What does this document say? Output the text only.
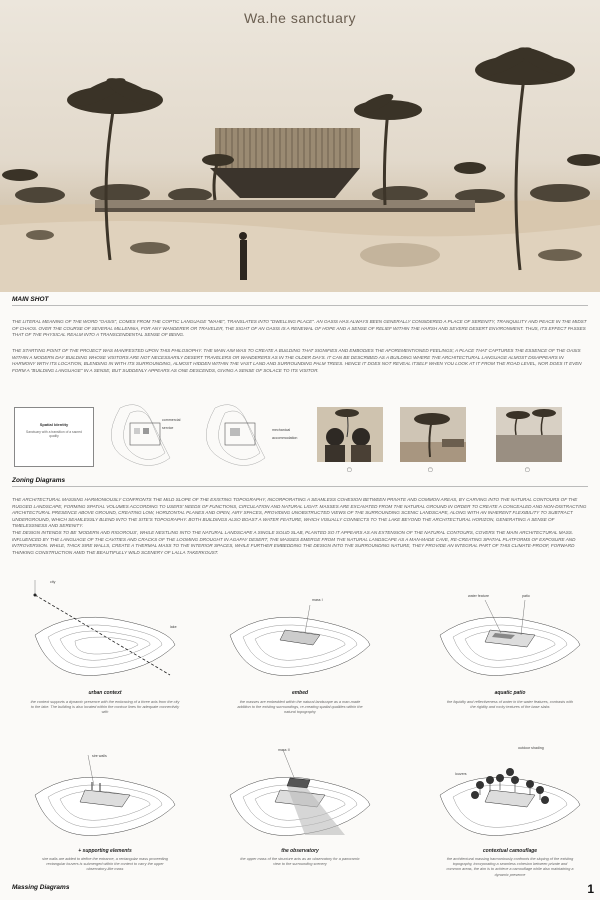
Wa.he sanctuary
MAIN SHOT
THE LITERAL MEANING OF THE WORD "OASIS", COMES FROM THE COPTIC LANGUAGE "WAHE", TRANSLATES INTO "DWELLING PLACE". AN OASIS HAS ALWAYS BEEN GENERALLY CONSIDERED A PLACE OF SERENITY, TRANQUILITY AND PEACE IN THE MIDST OF CHAOS. OVER THE COURSE OF SEVERAL MILLENNIA, FOR ANY WANDERER OR TRAVELER, THE SIGHT OF AN OASIS IS A RENEWAL OF HOPE AND A SENSE OF RELIEF WITHIN THE HARSH AND SEVERE DESERT ENVIRONMENT. THUS, ITS EFFECT PASSES THAT OF THE PHYSICAL REALM INTO A TRANSCENDENTAL SENSE OF BEING.
THE STARTING POINT OF THE PROJECT WAS MANIFESTED UPON THIS PHILOSOPHY. THE MAIN AIM WAS TO CREATE A BUILDING THAT SIGNIFIES AND EMBODIES THE AFOREMENTIONED FEELINGS; A PLACE THAT CAPTURES THE ESSENCE OF THE OASIS WITHIN A MODERN DAY BUILDING WHOSE VISITORS ARE NOT NECESSARILY DESERT TRAVELERS OR WANDERERS AS IN THE OLDER DAYS. IT CAN BE DESCRIBED AS A BUILDING WHERE THE ARCHITECTURAL LANGUAGE ALMOST DISAPPEARS IN HARMONY WITH ITS LOCATION, BLENDING IN WITH ITS SURROUNDING, ALMOST HIDDEN WITHIN THE VAST LAND AND SURROUNDING PALM TREES. HENCE IT DOES NOT REVEAL ITSELF WHEN YOU LOOK AT IT FROM THE ROAD LEVEL, NOR DOES IT EVEN FORM A "BUILDING LANGUAGE" IN A SENSE, BUT SUDDENLY APPEARS AS ONE DESCENDS, GIVING A SENSE OF SOLACE TO ITS VISITOR.
Spatial Identity
Sanctuary with a transition of a sacred quality
commercial
service	mechanical
accommodation
▢	▢	▢
Zoning Diagrams
THE ARCHITECTURAL MASSING HARMONIOUSLY CONFRONTS THE MILD SLOPE OF THE EXISTING TOPOGRAPHY, INCORPORATING A SEAMLESS COHESION BETWEEN PRIVATE AND COMMON AREAS, BY CARVING INTO THE NATURAL CONTOURS OF THE RUGGED LANDSCAPE, FORMING SPATIAL VOLUMES ACCORDING TO USERS' NEEDS OF FUNCTIONS, CIRCULATION AND NATURAL LIGHT. MASSES ARE EXCAVATED FROM THE NATURAL GROUND IN ORDER TO CREATE A CONCEALED AND NON-DISTRACTING ARCHITECTURAL PRESENCE ABOVE GROUND, CREATING LOW, HORIZONTAL PLANES AND OPEN, AIRY SPACES, PROVIDING UNOBSTRUCTED VIEWS OF THE SURROUNDING SCENIC LANDSCAPE, ALONG WITH AN INHERENT FLEXIBILITY TO SUBTRACT UNDERGROUND, WHICH SEAMLESSLY BLEND INTO THE SITE'S TOPOGRAPHY. BOTH BUILDINGS ALSO BOAST A WATER FEATURE, WHICH VISUALLY CONNECTS TO THE LAKE BEYOND THE ARCHITECTURAL HORIZON, GENERATING A SENSE OF TIMELESSNESS AND SERENITY.
THE DESIGN INTENDS TO BE 'MODERN AND RIGOROUS', WHILE NESTLING INTO THE NATURAL LANDSCAPE A SINGLE SOLID SLAB, PLANTED SO IT APPEARS AS AN EXTENSION OF THE NATURAL CONTOURS, COVERS THE MAIN ARCHITECTURAL MASS. INFLUENCED BY THE LANGUAGE OF THE CAVITIES AND CRACKS OF THE LOOMING DROUGHT IN AGAFAY DESERT, THE MASSES EMERGE FROM THE NATURAL LANDSCAPE AS A MAN-MADE CAVE, RE-CREATING SPATIAL PLATFORMS OF EXPOSURE AND INTROVERSION. WHILE, THICK SIRE WALLS, CREATE A THERMAL MASS TO THE INTERIOR SPACES, WHILE FURTHER EMBEDDING THE DESIGN INTO THE SURROUNDING NATURE, THEY PROVIDE AN INTEGRAL PART OF THIS CLIMATE-PROOF, FORWARD THINKING CONSTRUCTION AMID THE BEAUTIFULLY WILD SCENERY OF LALLA TAKERKOUST.
city
lake
mass I
water feature	patio
urban context
the context supports a dynamic presence with the embracing of a three axis from the city to the lake. The building is also located within the contour lines for adequate connectivity with
embed
the masses are embedded within the natural landscape as a man-made addition to the existing surroundings, re-creating spatial qualities within the natural topography
aquatic patio
the liquidity and reflectiveness of water in the water features, contrasts with the rigidity and rocky textures of the base slabs
sire walls
mass II
louvers
outdoor shading
+ supporting elements
sire walls are added to define the entrance, a rectangular mass proceeding rectangular louvers is submerged within the context to carry the upper observatory-like mass
the observatory
the upper mass of the structure acts as an observatory for a panoramic view to the surrounding scenery
contextual camouflage
the architectural massing harmoniously confronts the sloping of the existing topography, incorporating a seamless cohesion between private and common areas, the aim is to achieve a camouflage while also maintaining a dynamic presence
Massing Diagrams	1
